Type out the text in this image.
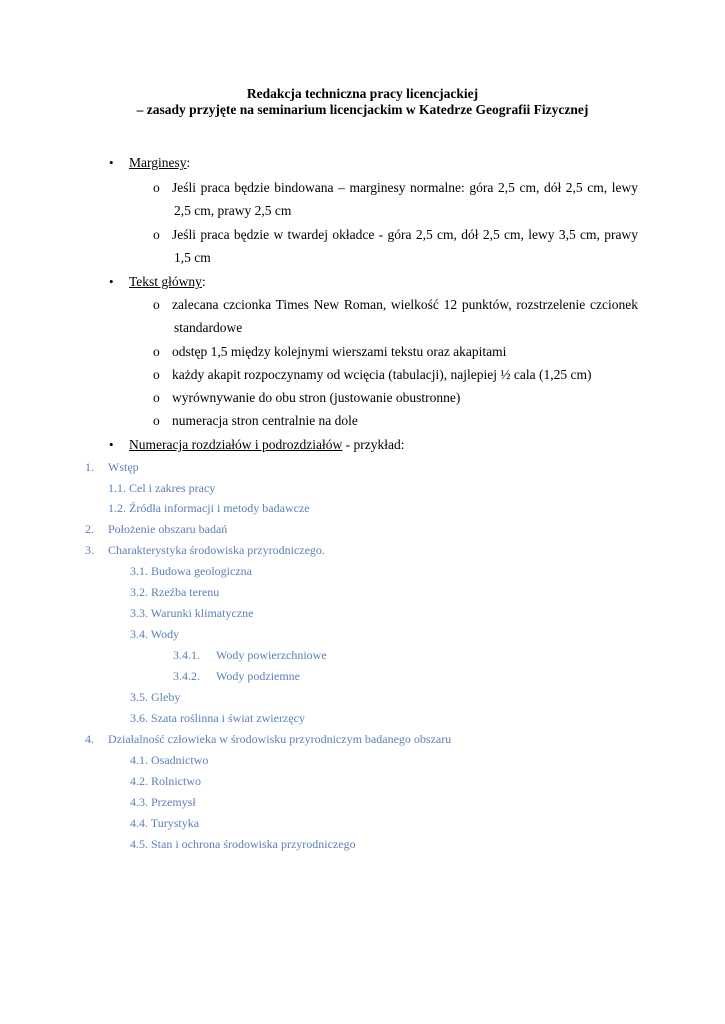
Redakcja techniczna pracy licencjackiej
– zasady przyjęte na seminarium licencjackim w Katedrze Geografii Fizycznej
• Marginesy:
o Jeśli praca będzie bindowana – marginesy normalne: góra 2,5 cm, dół 2,5 cm, lewy
2,5 cm, prawy 2,5 cm
o Jeśli praca będzie w twardej okładce - góra 2,5 cm, dół 2,5 cm, lewy 3,5 cm, prawy
1,5 cm
• Tekst główny:
o zalecana czcionka Times New Roman, wielkość 12 punktów, rozstrzelenie czcionek
standardowe
o odstęp 1,5 między kolejnymi wierszami tekstu oraz akapitami
o każdy akapit rozpoczynamy od wcięcia (tabulacji), najlepiej ½ cala (1,25 cm)
o wyrównywanie do obu stron (justowanie obustronne)
o numeracja stron centralnie na dole
• Numeracja rozdziałów i podrozdziałów - przykład:
1. Wstęp
1.1. Cel i zakres pracy
1.2. Źródła informacji i metody badawcze
2. Położenie obszaru badań
3. Charakterystyka środowiska przyrodniczego.
3.1. Budowa geologiczna
3.2. Rzeźba terenu
3.3. Warunki klimatyczne
3.4. Wody
3.4.1. Wody powierzchniowe
3.4.2. Wody podziemne
3.5. Gleby
3.6. Szata roślinna i świat zwierzęcy
4. Działalność człowieka w środowisku przyrodniczym badanego obszaru
4.1. Osadnictwo
4.2. Rolnictwo
4.3. Przemysł
4.4. Turystyka
4.5. Stan i ochrona środowiska przyrodniczego
